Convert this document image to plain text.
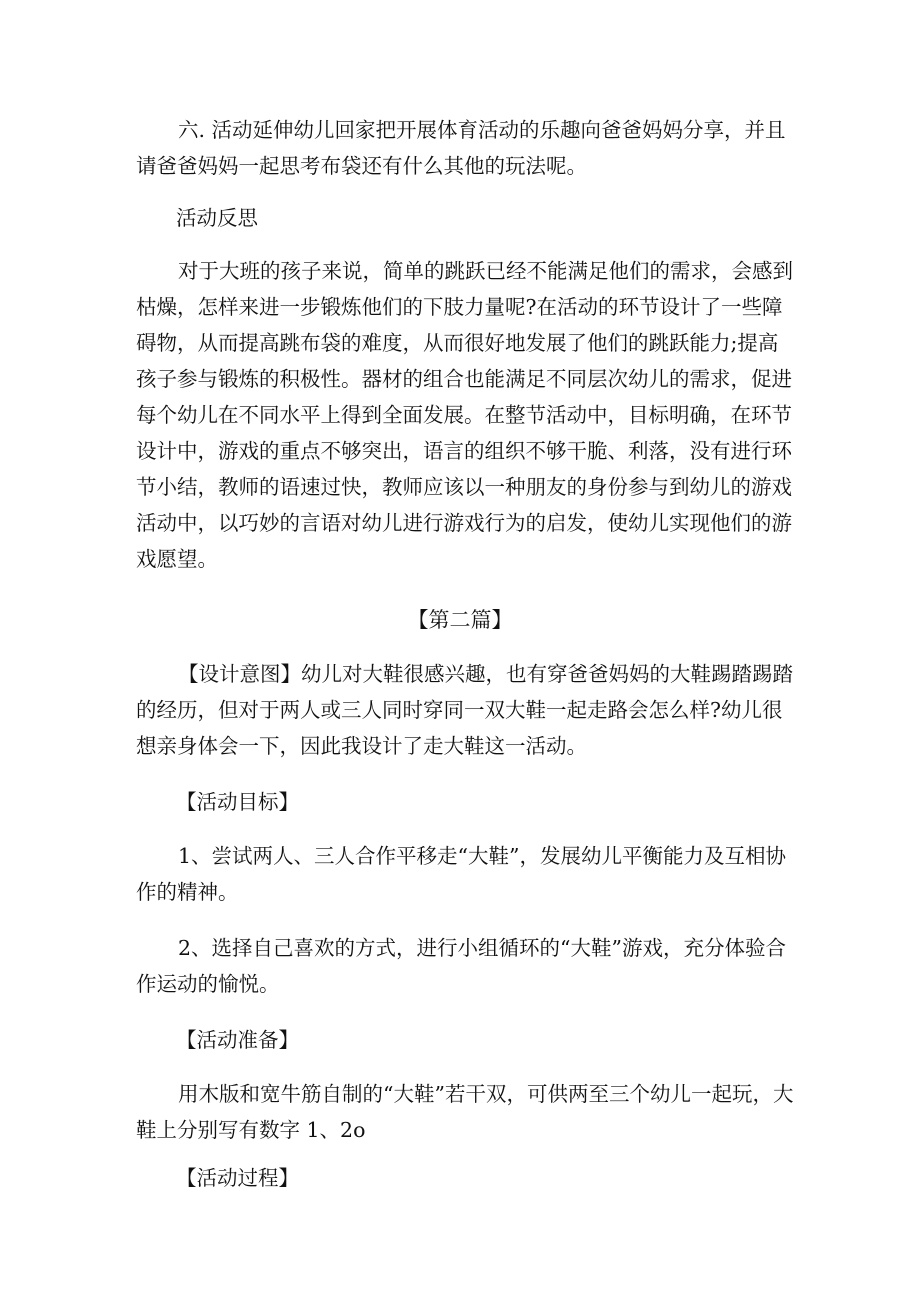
六. 活动延伸幼儿回家把开展体育活动的乐趣向爸爸妈妈分享，并且请爸爸妈妈一起思考布袋还有什么其他的玩法呢。

活动反思

对于大班的孩子来说，简单的跳跃已经不能满足他们的需求，会感到枯燥，怎样来进一步锻炼他们的下肢力量呢?在活动的环节设计了一些障碍物，从而提高跳布袋的难度，从而很好地发展了他们的跳跃能力;提高孩子参与锻炼的积极性。器材的组合也能满足不同层次幼儿的需求，促进每个幼儿在不同水平上得到全面发展。在整节活动中，目标明确，在环节设计中，游戏的重点不够突出，语言的组织不够干脆、利落，没有进行环节小结，教师的语速过快，教师应该以一种朋友的身份参与到幼儿的游戏活动中，以巧妙的言语对幼儿进行游戏行为的启发，使幼儿实现他们的游戏愿望。

【第二篇】

【设计意图】幼儿对大鞋很感兴趣，也有穿爸爸妈妈的大鞋踢踏踢踏的经历，但对于两人或三人同时穿同一双大鞋一起走路会怎么样?幼儿很想亲身体会一下，因此我设计了走大鞋这一活动。

【活动目标】

1、尝试两人、三人合作平移走“大鞋”，发展幼儿平衡能力及互相协作的精神。

2、选择自己喜欢的方式，进行小组循环的“大鞋”游戏，充分体验合作运动的愉悦。

【活动准备】

用木版和宽牛筋自制的“大鞋”若干双，可供两至三个幼儿一起玩，大鞋上分别写有数字 1、2o

【活动过程】
